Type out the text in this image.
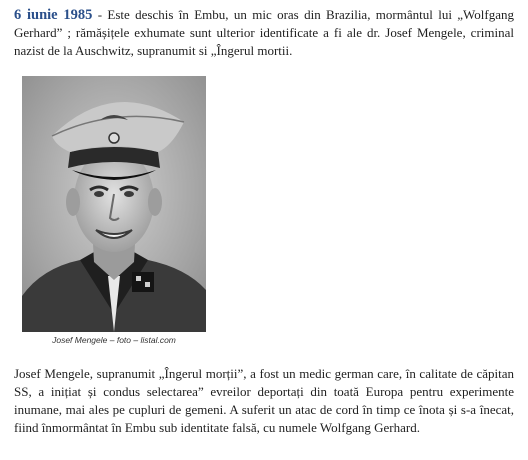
6 iunie 1985 - Este deschis în Embu, un mic oras din Brazilia, mormântul lui „Wolfgang Gerhard” ; rămășițele exhumate sunt ulterior identificate a fi ale dr. Josef Mengele, criminal nazist de la Auschwitz, supranumit si „Îngerul mortii.

Josef Mengele – foto – listal.com

Josef Mengele, supranumit „Îngerul morții”, a fost un medic german care, în calitate de căpitan SS, a inițiat și condus selectarea” evreilor deportați din toată Europa pentru experimente inumane, mai ales pe cupluri de gemeni. A suferit un atac de cord în timp ce înota și s-a înecat, fiind înmormântat în Embu sub identitate falsă, cu numele Wolfgang Gerhard.
